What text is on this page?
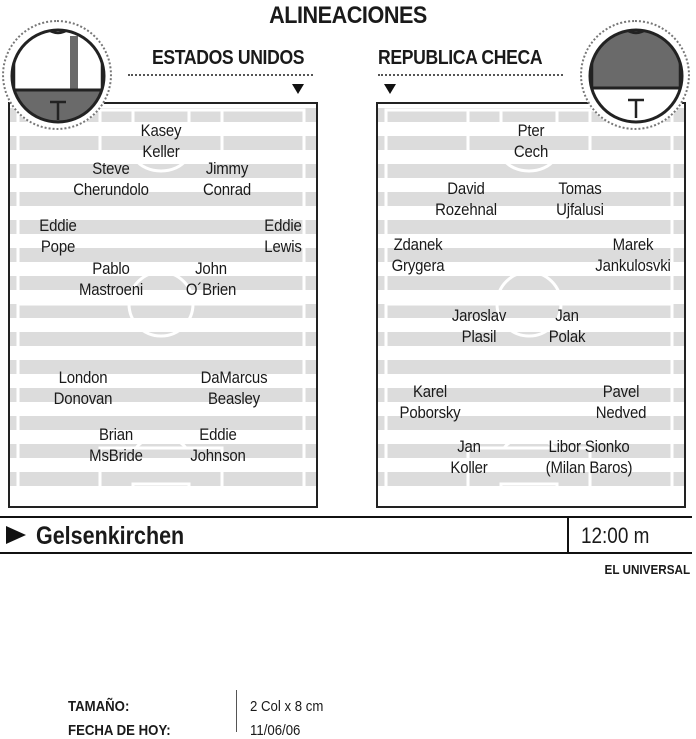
ALINEACIONES
ESTADOS UNIDOS	REPUBLICA CHECA
Kasey
Keller
Steve
Cherundolo
Jimmy
Conrad
Eddie
Pope
Eddie
Lewis
Pablo
Mastroeni
John
O´Brien
London
Donovan
DaMarcus
Beasley
Brian
MsBride
Eddie
Johnson
Pter
Cech
David
Rozehnal
Tomas
Ujfalusi
Zdanek
Grygera
Marek
Jankulosvki
Jaroslav
Plasil
Jan
Polak
Karel
Poborsky
Pavel
Nedved
Jan
Koller
Libor Sionko
(Milan Baros)
Gelsenkirchen	12:00 m
EL UNIVERSAL
TAMAÑO:	2 Col x 8 cm
FECHA DE HOY:	11/06/06
